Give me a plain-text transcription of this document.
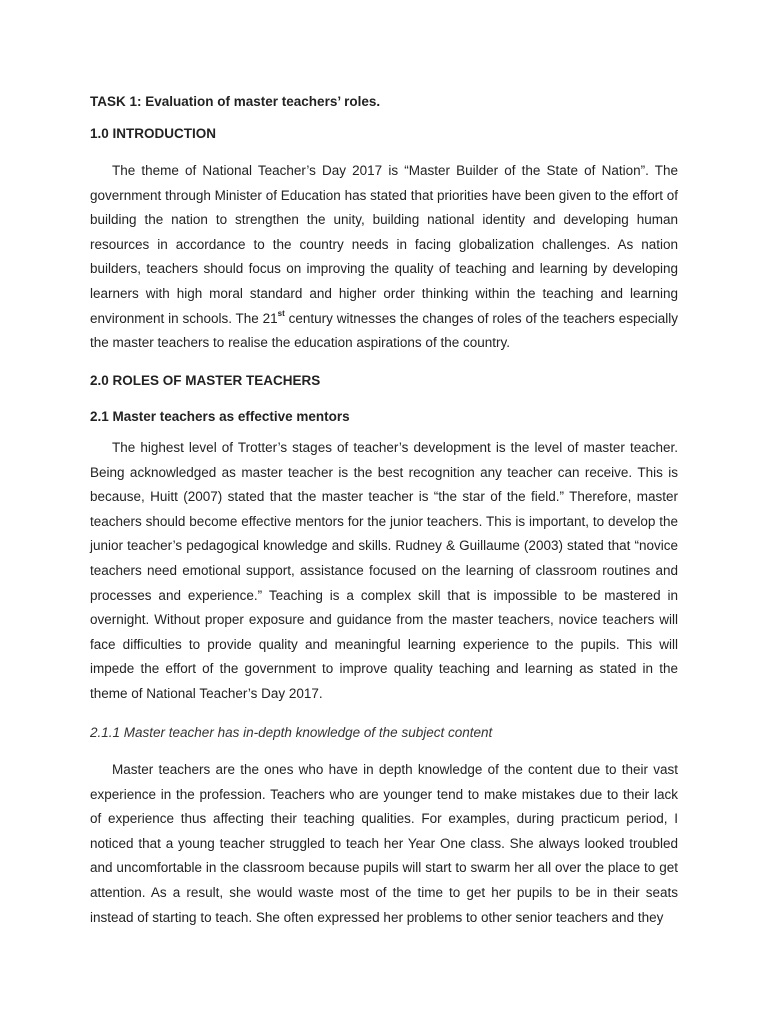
TASK 1: Evaluation of master teachers’ roles.
1.0 INTRODUCTION

The theme of National Teacher’s Day 2017 is “Master Builder of the State of Nation”. The government through Minister of Education has stated that priorities have been given to the effort of building the nation to strengthen the unity, building national identity and developing human resources in accordance to the country needs in facing globalization challenges. As nation builders, teachers should focus on improving the quality of teaching and learning by developing learners with high moral standard and higher order thinking within the teaching and learning environment in schools. The 21st century witnesses the changes of roles of the teachers especially the master teachers to realise the education aspirations of the country.

2.0 ROLES OF MASTER TEACHERS
2.1 Master teachers as effective mentors

The highest level of Trotter’s stages of teacher’s development is the level of master teacher. Being acknowledged as master teacher is the best recognition any teacher can receive. This is because, Huitt (2007) stated that the master teacher is “the star of the field.” Therefore, master teachers should become effective mentors for the junior teachers. This is important, to develop the junior teacher’s pedagogical knowledge and skills. Rudney & Guillaume (2003) stated that “novice teachers need emotional support, assistance focused on the learning of classroom routines and processes and experience.” Teaching is a complex skill that is impossible to be mastered in overnight. Without proper exposure and guidance from the master teachers, novice teachers will face difficulties to provide quality and meaningful learning experience to the pupils. This will impede the effort of the government to improve quality teaching and learning as stated in the theme of National Teacher’s Day 2017.

2.1.1 Master teacher has in-depth knowledge of the subject content

Master teachers are the ones who have in depth knowledge of the content due to their vast experience in the profession. Teachers who are younger tend to make mistakes due to their lack of experience thus affecting their teaching qualities. For examples, during practicum period, I noticed that a young teacher struggled to teach her Year One class. She always looked troubled and uncomfortable in the classroom because pupils will start to swarm her all over the place to get attention. As a result, she would waste most of the time to get her pupils to be in their seats instead of starting to teach. She often expressed her problems to other senior teachers and they
